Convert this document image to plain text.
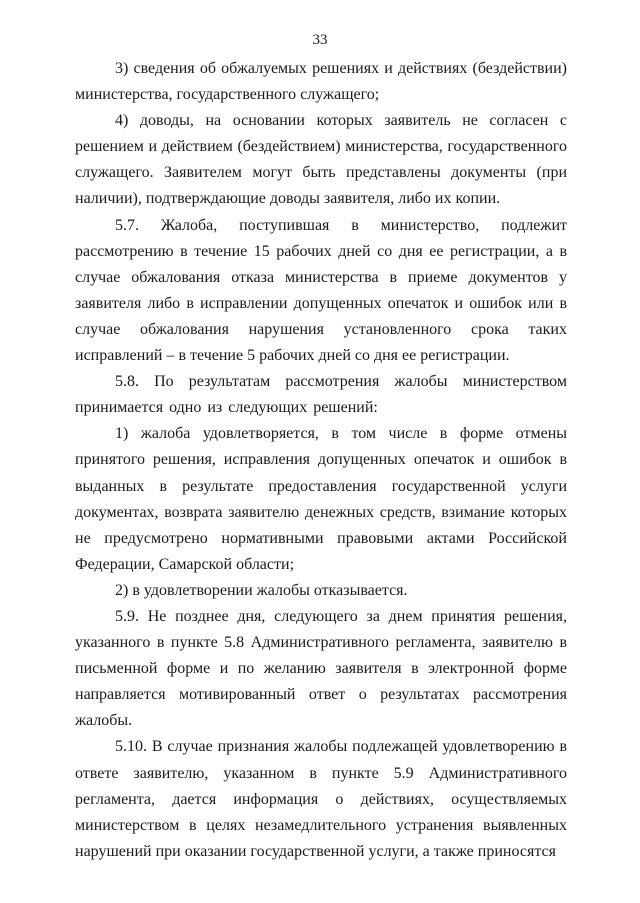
33

3) сведения об обжалуемых решениях и действиях (бездействии) министерства, государственного служащего;

4) доводы, на основании которых заявитель не согласен с решением и действием (бездействием) министерства, государственного служащего. Заявителем могут быть представлены документы (при наличии), подтверждающие доводы заявителя, либо их копии.

5.7. Жалоба, поступившая в министерство, подлежит рассмотрению в течение 15 рабочих дней со дня ее регистрации, а в случае обжалования отказа министерства в приеме документов у заявителя либо в исправлении допущенных опечаток и ошибок или в случае обжалования нарушения установленного срока таких исправлений – в течение 5 рабочих дней со дня ее регистрации.

5.8. По результатам рассмотрения жалобы министерством принимается одно из следующих решений:

1) жалоба удовлетворяется, в том числе в форме отмены принятого решения, исправления допущенных опечаток и ошибок в выданных в результате предоставления государственной услуги документах, возврата заявителю денежных средств, взимание которых не предусмотрено нормативными правовыми актами Российской Федерации, Самарской области;

2) в удовлетворении жалобы отказывается.

5.9. Не позднее дня, следующего за днем принятия решения, указанного в пункте 5.8 Административного регламента, заявителю в письменной форме и по желанию заявителя в электронной форме направляется мотивированный ответ о результатах рассмотрения жалобы.

5.10. В случае признания жалобы подлежащей удовлетворению в ответе заявителю, указанном в пункте 5.9 Административного регламента, дается информация о действиях, осуществляемых министерством в целях незамедлительного устранения выявленных нарушений при оказании государственной услуги, а также приносятся
